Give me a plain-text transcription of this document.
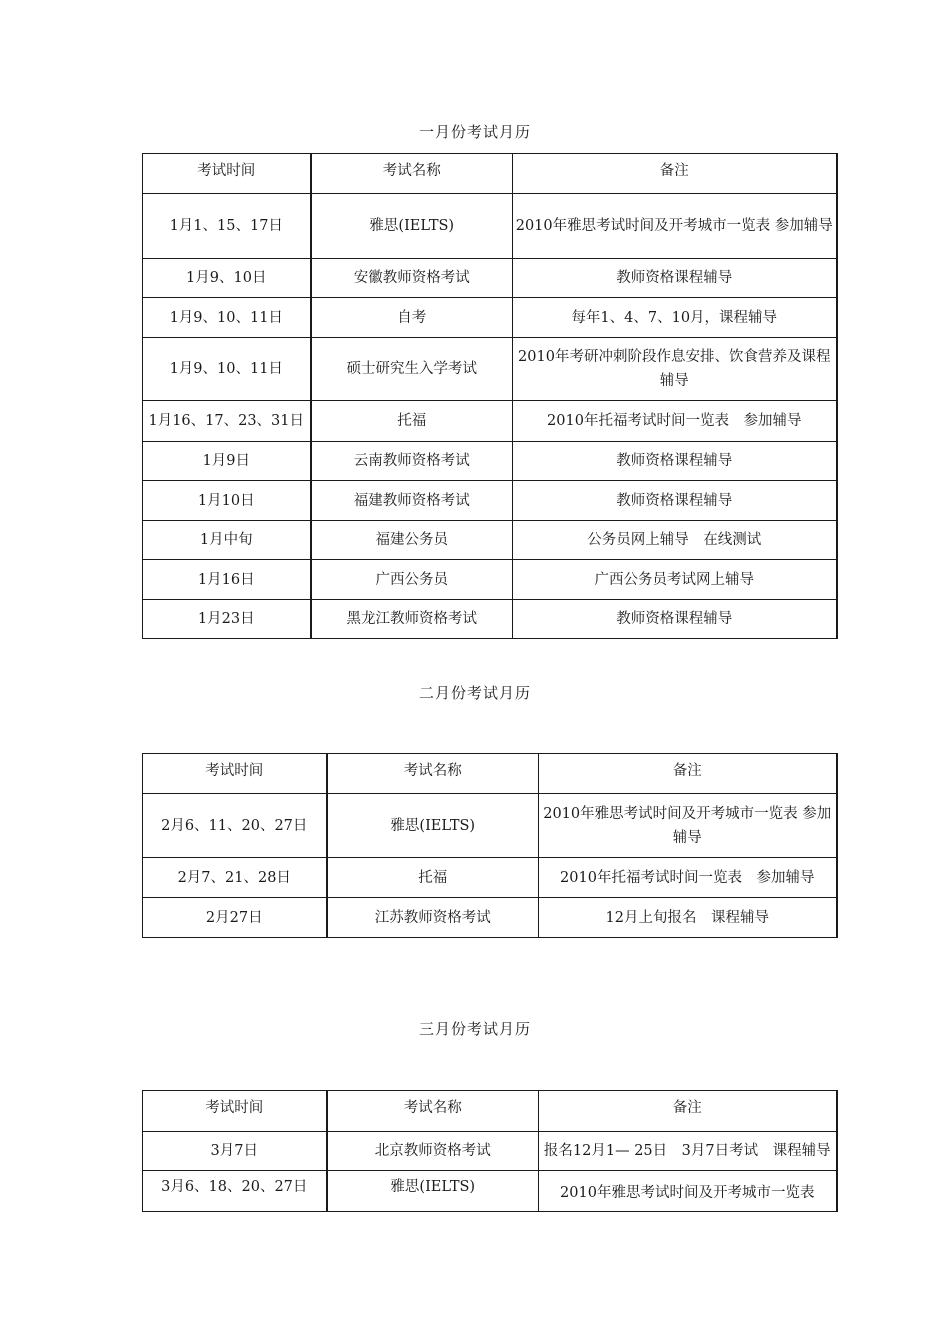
一月份考试月历
考试时间	考试名称	备注
1月1、15、17日	雅思(IELTS)	2010年雅思考试时间及开考城市一览表 参加辅导
1月9、10日	安徽教师资格考试	教师资格课程辅导
1月9、10、11日	自考	每年1、4、7、10月，课程辅导
1月9、10、11日	硕士研究生入学考试	2010年考研冲刺阶段作息安排、饮食营养及课程辅导
1月16、17、23、31日	托福	2010年托福考试时间一览表　参加辅导
1月9日	云南教师资格考试	教师资格课程辅导
1月10日	福建教师资格考试	教师资格课程辅导
1月中旬	福建公务员	公务员网上辅导　在线测试
1月16日	广西公务员	广西公务员考试网上辅导
1月23日	黑龙江教师资格考试	教师资格课程辅导
二月份考试月历
考试时间	考试名称	备注
2月6、11、20、27日	雅思(IELTS)	2010年雅思考试时间及开考城市一览表 参加辅导
2月7、21、28日	托福	2010年托福考试时间一览表　参加辅导
2月27日	江苏教师资格考试	12月上旬报名　课程辅导
三月份考试月历
考试时间	考试名称	备注
3月7日	北京教师资格考试	报名12月1— 25日　3月7日考试　课程辅导
3月6、18、20、27日	雅思(IELTS)	2010年雅思考试时间及开考城市一览表
